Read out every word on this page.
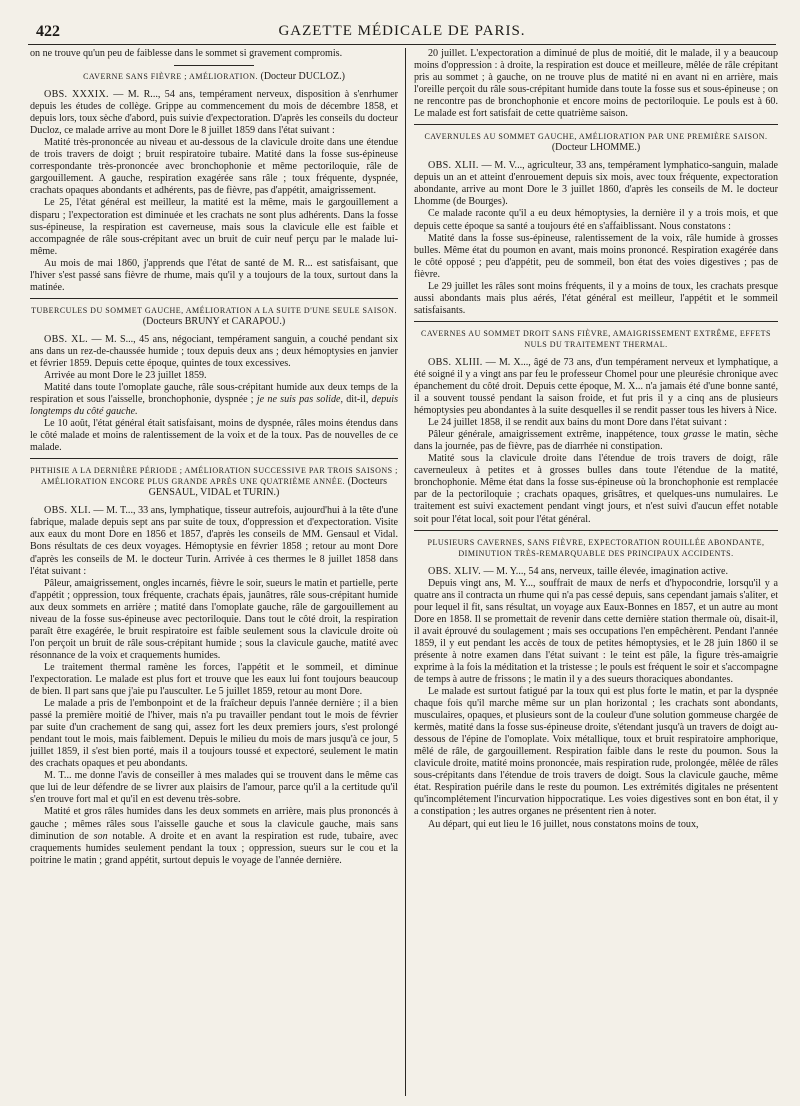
422	GAZETTE MÉDICALE DE PARIS.

on ne trouve qu'un peu de faiblesse dans le sommet si gravement compromis.

CAVERNE SANS FIÈVRE ; AMÉLIORATION. (Docteur DUCLOZ.)

OBS. XXXIX. — M. R..., 54 ans, tempérament nerveux, disposition à s'enrhumer depuis les études de collège. Grippe au commencement du mois de décembre 1858, et depuis lors, toux sèche d'abord, puis suivie d'expectoration. D'après les conseils du docteur Ducloz, ce malade arrive au mont Dore le 8 juillet 1859 dans l'état suivant :

Matité très-prononcée au niveau et au-dessous de la clavicule droite dans une étendue de trois travers de doigt ; bruit respiratoire tubaire. Matité dans la fosse sus-épineuse correspondante très-prononcée avec bronchophonie et même pectoriloquie, râle de gargouillement. A gauche, respiration exagérée sans râle ; toux fréquente, dyspnée, crachats opaques abondants et adhérents, pas de fièvre, pas d'appétit, amaigrissement.

Le 25, l'état général est meilleur, la matité est la même, mais le gargouillement a disparu ; l'expectoration est diminuée et les crachats ne sont plus adhérents. Dans la fosse sus-épineuse, la respiration est caverneuse, mais sous la clavicule elle est faible et accompagnée de râle sous-crépitant avec un bruit de cuir neuf perçu par le malade lui-même.

Au mois de mai 1860, j'apprends que l'état de santé de M. R... est satisfaisant, que l'hiver s'est passé sans fièvre de rhume, mais qu'il y a toujours de la toux, surtout dans la matinée.

TUBERCULES DU SOMMET GAUCHE, AMÉLIORATION A LA SUITE D'UNE SEULE SAISON. (Docteurs BRUNY et CARAPOU.)

OBS. XL. — M. S..., 45 ans, négociant, tempérament sanguin, a couché pendant six ans dans un rez-de-chaussée humide ; toux depuis deux ans ; deux hémoptysies en janvier et février 1859. Depuis cette époque, quintes de toux excessives.

Arrivée au mont Dore le 23 juillet 1859.

Matité dans toute l'omoplate gauche, râle sous-crépitant humide aux deux temps de la respiration et sous l'aisselle, bronchophonie, dyspnée ; je ne suis pas solide, dit-il, depuis longtemps du côté gauche.

Le 10 août, l'état général était satisfaisant, moins de dyspnée, râles moins étendus dans le côté malade et moins de ralentissement de la voix et de la toux. Pas de nouvelles de ce malade.

PHTHISIE A LA DERNIÈRE PÉRIODE ; AMÉLIORATION SUCCESSIVE PAR TROIS SAISONS ; AMÉLIORATION ENCORE PLUS GRANDE APRÈS UNE QUATRIÈME ANNÉE. (Docteurs GENSAUL, VIDAL et TURIN.)

OBS. XLI. — M. T..., 33 ans, lymphatique, tisseur autrefois, aujourd'hui à la tête d'une fabrique, malade depuis sept ans par suite de toux, d'oppression et d'expectoration. Visite aux eaux du mont Dore en 1856 et 1857, d'après les conseils de MM. Gensaul et Vidal. Bons résultats de ces deux voyages. Hémoptysie en février 1858 ; retour au mont Dore d'après les conseils de M. le docteur Turin. Arrivée à ces thermes le 8 juillet 1858 dans l'état suivant :

Pâleur, amaigrissement, ongles incarnés, fièvre le soir, sueurs le matin et partielle, perte d'appétit ; oppression, toux fréquente, crachats épais, jaunâtres, râle sous-crépitant humide aux deux sommets en arrière ; matité dans l'omoplate gauche, râle de gargouillement au niveau de la fosse sus-épineuse avec pectoriloquie. Dans tout le côté droit, la respiration paraît être exagérée, le bruit respiratoire est faible seulement sous la clavicule droite où l'on perçoit un bruit de râle sous-crépitant humide ; sous la clavicule gauche, matité avec résonnance de la voix et craquements humides.

Le traitement thermal ramène les forces, l'appétit et le sommeil, et diminue l'expectoration. Le malade est plus fort et trouve que les eaux lui font toujours beaucoup de bien. Il part sans que j'aie pu l'ausculter. Le 5 juillet 1859, retour au mont Dore.

Le malade a pris de l'embonpoint et de la fraîcheur depuis l'année dernière ; il a bien passé la première moitié de l'hiver, mais n'a pu travailler pendant tout le mois de février par suite d'un crachement de sang qui, assez fort les deux premiers jours, s'est prolongé pendant tout le mois, mais faiblement. Depuis le milieu du mois de mars jusqu'à ce jour, 5 juillet 1859, il s'est bien porté, mais il a toujours toussé et expectoré, seulement le matin des crachats opaques et peu abondants.

M. T... me donne l'avis de conseiller à mes malades qui se trouvent dans le même cas que lui de leur défendre de se livrer aux plaisirs de l'amour, parce qu'il a la certitude qu'il s'en trouve fort mal et qu'il en est devenu très-sobre.

Matité et gros râles humides dans les deux sommets en arrière, mais plus prononcés à gauche ; mêmes râles sous l'aisselle gauche et sous la clavicule gauche, mais sans diminution de son notable. A droite et en avant la respiration est rude, tubaire, avec craquements humides seulement pendant la toux ; oppression, sueurs sur le cou et la poitrine le matin ; grand appétit, surtout depuis le voyage de l'année dernière.

20 juillet. L'expectoration a diminué de plus de moitié, dit le malade, il y a beaucoup moins d'oppression : à droite, la respiration est douce et meilleure, mêlée de râle crépitant pris au sommet ; à gauche, on ne trouve plus de matité ni en avant ni en arrière, mais l'oreille perçoit du râle sous-crépitant humide dans toute la fosse sus et sous-épineuse ; on ne rencontre pas de bronchophonie et encore moins de pectoriloquie. Le pouls est à 60. Le malade est fort satisfait de cette quatrième saison.

CAVERNULES AU SOMMET GAUCHE, AMÉLIORATION PAR UNE PREMIÈRE SAISON. (Docteur LHOMME.)

OBS. XLII. — M. V..., agriculteur, 33 ans, tempérament lymphatico-sanguin, malade depuis un an et atteint d'enrouement depuis six mois, avec toux fréquente, expectoration abondante, arrive au mont Dore le 3 juillet 1860, d'après les conseils de M. le docteur Lhomme (de Bourges).

Ce malade raconte qu'il a eu deux hémoptysies, la dernière il y a trois mois, et que depuis cette époque sa santé a toujours été en s'affaiblissant. Nous constatons :

Matité dans la fosse sus-épineuse, ralentissement de la voix, râle humide à grosses bulles. Même état du poumon en avant, mais moins prononcé. Respiration exagérée dans le côté opposé ; peu d'appétit, peu de sommeil, bon état des voies digestives ; pas de fièvre.

Le 29 juillet les râles sont moins fréquents, il y a moins de toux, les crachats presque aussi abondants mais plus aérés, l'état général est meilleur, l'appétit et le sommeil satisfaisants.

CAVERNES AU SOMMET DROIT SANS FIÈVRE, AMAIGRISSEMENT EXTRÊME, EFFETS NULS DU TRAITEMENT THERMAL.

OBS. XLIII. — M. X..., âgé de 73 ans, d'un tempérament nerveux et lymphatique, a été soigné il y a vingt ans par feu le professeur Chomel pour une pleurésie chronique avec épanchement du côté droit. Depuis cette époque, M. X... n'a jamais été d'une bonne santé, il a souvent toussé pendant la saison froide, et fut pris il y a cinq ans de plusieurs hémoptysies peu abondantes à la suite desquelles il se rendit passer tous les hivers à Nice.

Le 24 juillet 1858, il se rendit aux bains du mont Dore dans l'état suivant :

Pâleur générale, amaigrissement extrême, inappétence, toux grasse le matin, sèche dans la journée, pas de fièvre, pas de diarrhée ni constipation.

Matité sous la clavicule droite dans l'étendue de trois travers de doigt, râle caverneuleux à petites et à grosses bulles dans toute l'étendue de la matité, bronchophonie. Même état dans la fosse sus-épineuse où la bronchophonie est remplacée par de la pectoriloquie ; crachats opaques, grisâtres, et quelques-uns numulaires. Le traitement est suivi exactement pendant vingt jours, et n'est suivi d'aucun effet notable soit pour l'état local, soit pour l'état général.

PLUSIEURS CAVERNES, SANS FIÈVRE, EXPECTORATION ROUILLÉE ABONDANTE, DIMINUTION TRÈS-REMARQUABLE DES PRINCIPAUX ACCIDENTS.

OBS. XLIV. — M. Y..., 54 ans, nerveux, taille élevée, imagination active.

Depuis vingt ans, M. Y..., souffrait de maux de nerfs et d'hypocondrie, lorsqu'il y a quatre ans il contracta un rhume qui n'a pas cessé depuis, sans cependant jamais s'aliter, et pour lequel il fit, sans résultat, un voyage aux Eaux-Bonnes en 1857, et un autre au mont Dore en 1858. Il se promettait de revenir dans cette dernière station thermale où, disait-il, il avait éprouvé du soulagement ; mais ses occupations l'en empêchèrent. Pendant l'année 1859, il y eut pendant les accès de toux de petites hémoptysies, et le 28 juin 1860 il se présente à notre examen dans l'état suivant : le teint est pâle, la figure très-amaigrie exprime à la fois la méditation et la tristesse ; le pouls est fréquent le soir et s'accompagne de temps à autre de frissons ; le matin il y a des sueurs thoraciques abondantes.

Le malade est surtout fatigué par la toux qui est plus forte le matin, et par la dyspnée chaque fois qu'il marche même sur un plan horizontal ; les crachats sont abondants, musculaires, opaques, et plusieurs sont de la couleur d'une solution gommeuse chargée de kermès, matité dans la fosse sus-épineuse droite, s'étendant jusqu'à un travers de doigt au-dessous de l'épine de l'omoplate. Voix métallique, toux et bruit respiratoire amphorique, mêlé de râle, de gargouillement. Respiration faible dans le reste du poumon. Sous la clavicule droite, matité moins prononcée, mais respiration rude, prolongée, mêlée de râles sous-crépitants dans l'étendue de trois travers de doigt. Sous la clavicule gauche, même état. Respiration puérile dans le reste du poumon. Les extrémités digitales ne présentent qu'incomplétement l'incurvation hippocratique. Les voies digestives sont en bon état, il y a constipation ; les autres organes ne présentent rien à noter.

Au départ, qui eut lieu le 16 juillet, nous constatons moins de toux,
